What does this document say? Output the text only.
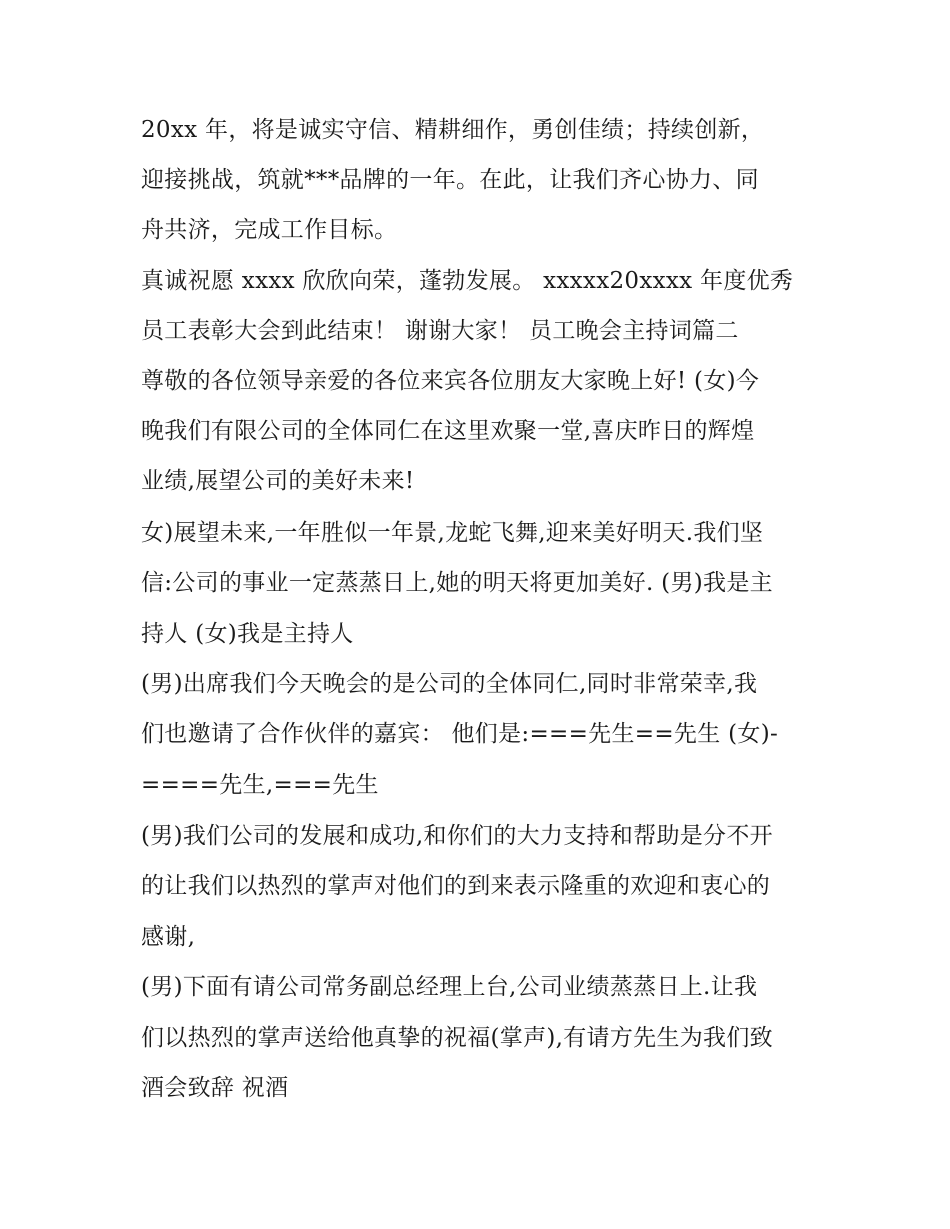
20xx 年，将是诚实守信、精耕细作，勇创佳绩；持续创新，
迎接挑战，筑就***品牌的一年。在此，让我们齐心协力、同
舟共济，完成工作目标。
真诚祝愿 xxxx 欣欣向荣，蓬勃发展。 xxxxx20xxxx 年度优秀
员工表彰大会到此结束！ 谢谢大家！ 员工晚会主持词篇二
尊敬的各位领导亲爱的各位来宾各位朋友大家晚上好! (女)今
晚我们有限公司的全体同仁在这里欢聚一堂,喜庆昨日的辉煌
业绩,展望公司的美好未来!
女)展望未来,一年胜似一年景,龙蛇飞舞,迎来美好明天.我们坚
信:公司的事业一定蒸蒸日上,她的明天将更加美好. (男)我是主
持人 (女)我是主持人
(男)出席我们今天晚会的是公司的全体同仁,同时非常荣幸,我
们也邀请了合作伙伴的嘉宾： 他们是:===先生==先生 (女)-
====先生,===先生
(男)我们公司的发展和成功,和你们的大力支持和帮助是分不开
的让我们以热烈的掌声对他们的到来表示隆重的欢迎和衷心的
感谢,
(男)下面有请公司常务副总经理上台,公司业绩蒸蒸日上.让我
们以热烈的掌声送给他真挚的祝福(掌声),有请方先生为我们致
酒会致辞 祝酒
